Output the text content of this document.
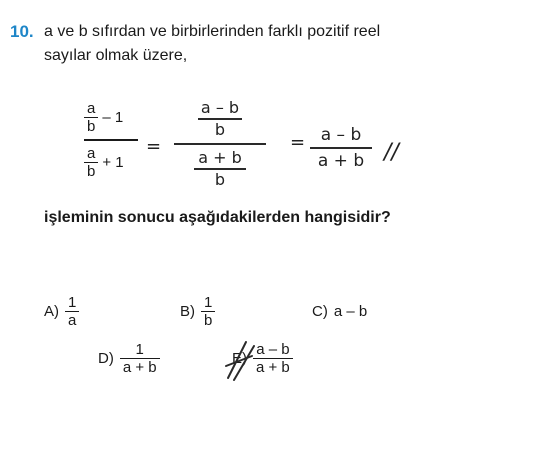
10. a ve b sıfırdan ve birbirlerinden farklı pozitif reel
sayılar olmak üzere,
$\frac{a}{b} - 1$
$\frac{a}{b} + 1$
=
a – b
b
a + b
b
= a – b
a + b //
işleminin sonucu aşağıdakilerden hangisidir?
$A) \frac{1}{a}$	$B) \frac{1}{b}$	C) a – b
$D) \frac{1}{a + b}$	$E) \frac{a - b}{a + b}$
